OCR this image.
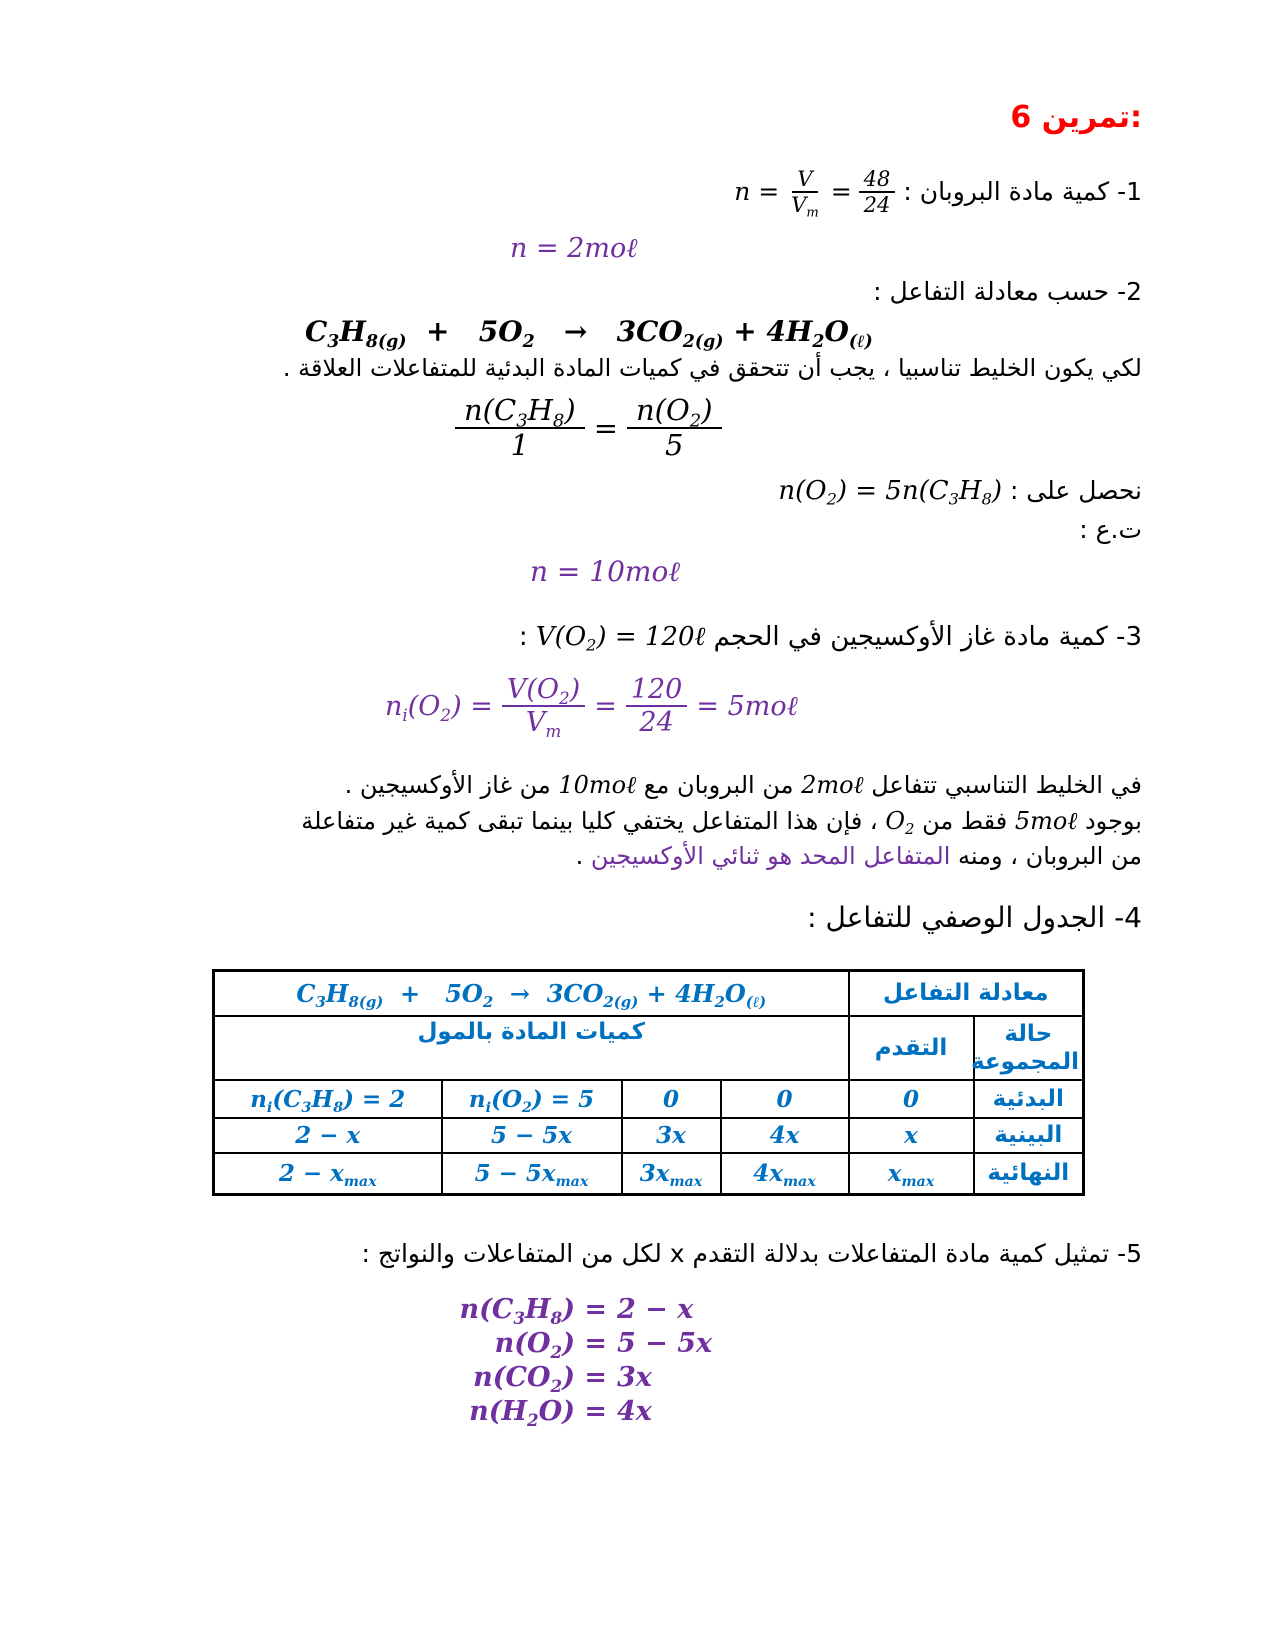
تمرين 6:
1- كمية مادة البروبان :
$n = \frac{V}{V_m} = \frac{48}{24}$
n = 2moℓ
2- حسب معادلة التفاعل :
$C_3H_{8(g)} + 5O_2 \to 3CO_{2(g)} + 4H_2O_{(\ell)}$
لكي يكون الخليط تناسبيا ، يجب أن تتحقق في كميات المادة البدئية للمتفاعلات العلاقة .
$\frac{n(C_3H_8)}{1} = \frac{n(O_2)}{5}$
نحصل على : $n(O_2) = 5n(C_3H_8)$
ت.ع :
n = 10moℓ
3- كمية مادة غاز الأوكسيجين في الحجم $V(O_2)$ = 120ℓ :
$n_i(O_2) = \frac{V(O_2)}{V_m} = \frac{120}{24}$ = 5moℓ
في الخليط التناسبي تتفاعل 2moℓ من البروبان مع 10moℓ من غاز الأوكسيجين .
بوجود 5moℓ فقط من $O_2$ ، فإن هذا المتفاعل يختفي كليا بينما تبقى كمية غير متفاعلة
من البروبان ، ومنه المتفاعل المحد هو ثنائي الأوكسيجين .
4- الجدول الوصفي للتفاعل :
معادلة التفاعل		$C_3H_{8(g)} + 5O_2 \to 3CO_{2(g)} + 4H_2O_{(\ell)}$
حالة المجموعة	التقدم	كميات المادة بالمول			
البدئية	0	0	0	$n_i(O_2) = 5$	$n_i(C_3H_8) = 2$
البينية	x	4x	3x	5 − 5x	2 − x
النهائية	$x_{max}$	$4x_{max}$	$3x_{max}$	$5 - 5x_{max}$	$2 - x_{max}$
5- تمثيل كمية مادة المتفاعلات بدلالة التقدم x لكل من المتفاعلات والنواتج :
$n(C_3H_8) = 2 - x$
$n(O_2) = 5 - 5x$
$n(CO_2) = 3x$
$n(H_2O) = 4x$
